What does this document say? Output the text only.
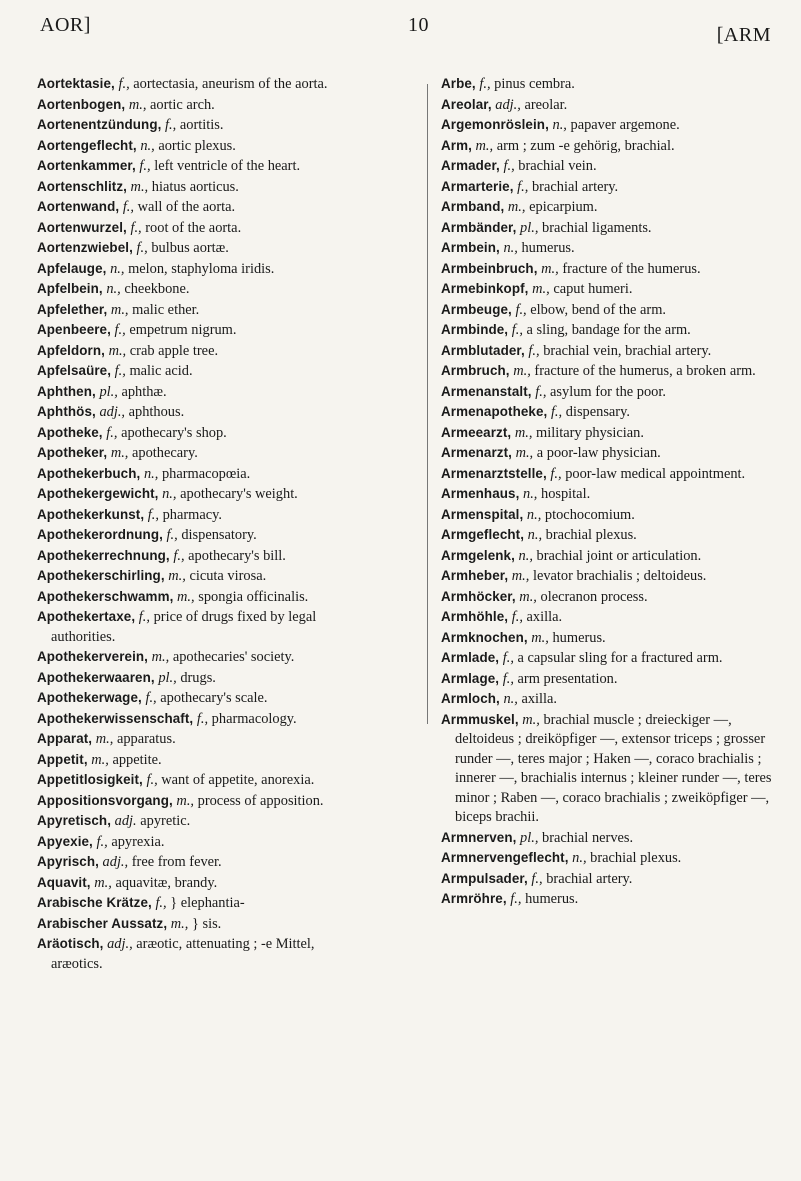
AOR]	10	[ARM

Aortektasie, f., aortectasia, aneurism of the aorta.

Aortenbogen, m., aortic arch.

Aortenentzündung, f., aortitis.

Aortengeflecht, n., aortic plexus.

Aortenkammer, f., left ventricle of the heart.

Aortenschlitz, m., hiatus aorticus.

Aortenwand, f., wall of the aorta.

Aortenwurzel, f., root of the aorta.

Aortenzwiebel, f., bulbus aortæ.

Apfelauge, n., melon, staphyloma iridis.

Apfelbein, n., cheekbone.

Apfelether, m., malic ether.

Apenbeere, f., empetrum nigrum.

Apfeldorn, m., crab apple tree.

Apfelsaüre, f., malic acid.

Aphthen, pl., aphthæ.

Aphthös, adj., aphthous.

Apotheke, f., apothecary's shop.

Apotheker, m., apothecary.

Apothekerbuch, n., pharmacopœia.

Apothekergewicht, n., apothecary's weight.

Apothekerkunst, f., pharmacy.

Apothekerordnung, f., dispensatory.

Apothekerrechnung, f., apothecary's bill.

Apothekerschirling, m., cicuta virosa.

Apothekerschwamm, m., spongia officinalis.

Apothekertaxe, f., price of drugs fixed by legal authorities.

Apothekerverein, m., apothecaries' society.

Apothekerwaaren, pl., drugs.

Apothekerwage, f., apothecary's scale.

Apothekerwissenschaft, f., pharmacology.

Apparat, m., apparatus.

Appetit, m., appetite.

Appetitlosigkeit, f., want of appetite, anorexia.

Appositionsvorgang, m., process of apposition.

Apyretisch, adj. apyretic.

Apyexie, f., apyrexia.

Apyrisch, adj., free from fever.

Aquavit, m., aquavitæ, brandy.

Arabische Krätze, f., } elephantia-

Arabischer Aussatz, m., } sis.

Aräotisch, adj., aræotic, attenuating ; -e Mittel, aræotics.

Arbe, f., pinus cembra.

Areolar, adj., areolar.

Argemonröslein, n., papaver argemone.

Arm, m., arm ; zum -e gehörig, brachial.

Armader, f., brachial vein.

Armarterie, f., brachial artery.

Armband, m., epicarpium.

Armbänder, pl., brachial ligaments.

Armbein, n., humerus.

Armbeinbruch, m., fracture of the humerus.

Armebinkopf, m., caput humeri.

Armbeuge, f., elbow, bend of the arm.

Armbinde, f., a sling, bandage for the arm.

Armblutader, f., brachial vein, brachial artery.

Armbruch, m., fracture of the humerus, a broken arm.

Armenanstalt, f., asylum for the poor.

Armenapotheke, f., dispensary.

Armeearzt, m., military physician.

Armenarzt, m., a poor-law physician.

Armenarztstelle, f., poor-law medical appointment.

Armenhaus, n., hospital.

Armenspital, n., ptochocomium.

Armgeflecht, n., brachial plexus.

Armgelenk, n., brachial joint or articulation.

Armheber, m., levator brachialis ; deltoideus.

Armhöcker, m., olecranon process.

Armhöhle, f., axilla.

Armknochen, m., humerus.

Armlade, f., a capsular sling for a fractured arm.

Armlage, f., arm presentation.

Armloch, n., axilla.

Armmuskel, m., brachial muscle ; dreieckiger —, deltoideus ; dreiköpfiger —, extensor triceps ; grosser runder —, teres major ; Haken —, coraco brachialis ; innerer —, brachialis internus ; kleiner runder —, teres minor ; Raben —, coraco brachialis ; zweiköpfiger —, biceps brachii.

Armnerven, pl., brachial nerves.

Armnervengeflecht, n., brachial plexus.

Armpulsader, f., brachial artery.

Armröhre, f., humerus.
